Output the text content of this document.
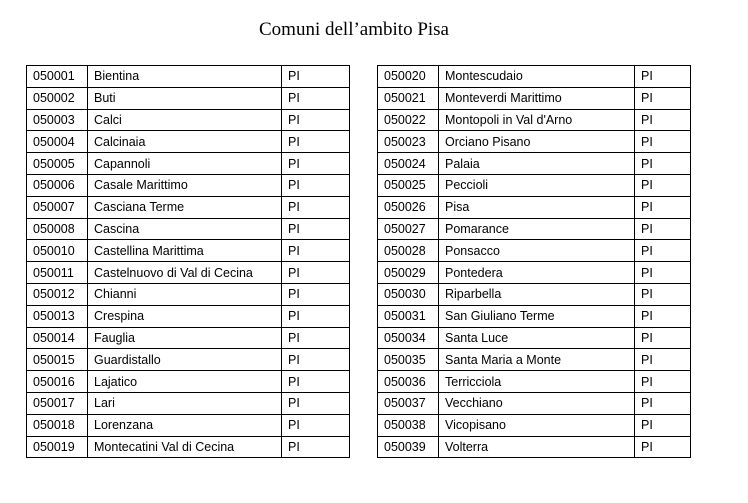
Comuni dell’ambito Pisa
050001	Bientina	PI
050002	Buti	PI
050003	Calci	PI
050004	Calcinaia	PI
050005	Capannoli	PI
050006	Casale Marittimo	PI
050007	Casciana Terme	PI
050008	Cascina	PI
050010	Castellina Marittima	PI
050011	Castelnuovo di Val di Cecina	PI
050012	Chianni	PI
050013	Crespina	PI
050014	Fauglia	PI
050015	Guardistallo	PI
050016	Lajatico	PI
050017	Lari	PI
050018	Lorenzana	PI
050019	Montecatini Val di Cecina	PI
050020	Montescudaio	PI
050021	Monteverdi Marittimo	PI
050022	Montopoli in Val d'Arno	PI
050023	Orciano Pisano	PI
050024	Palaia	PI
050025	Peccioli	PI
050026	Pisa	PI
050027	Pomarance	PI
050028	Ponsacco	PI
050029	Pontedera	PI
050030	Riparbella	PI
050031	San Giuliano Terme	PI
050034	Santa Luce	PI
050035	Santa Maria a Monte	PI
050036	Terricciola	PI
050037	Vecchiano	PI
050038	Vicopisano	PI
050039	Volterra	PI
